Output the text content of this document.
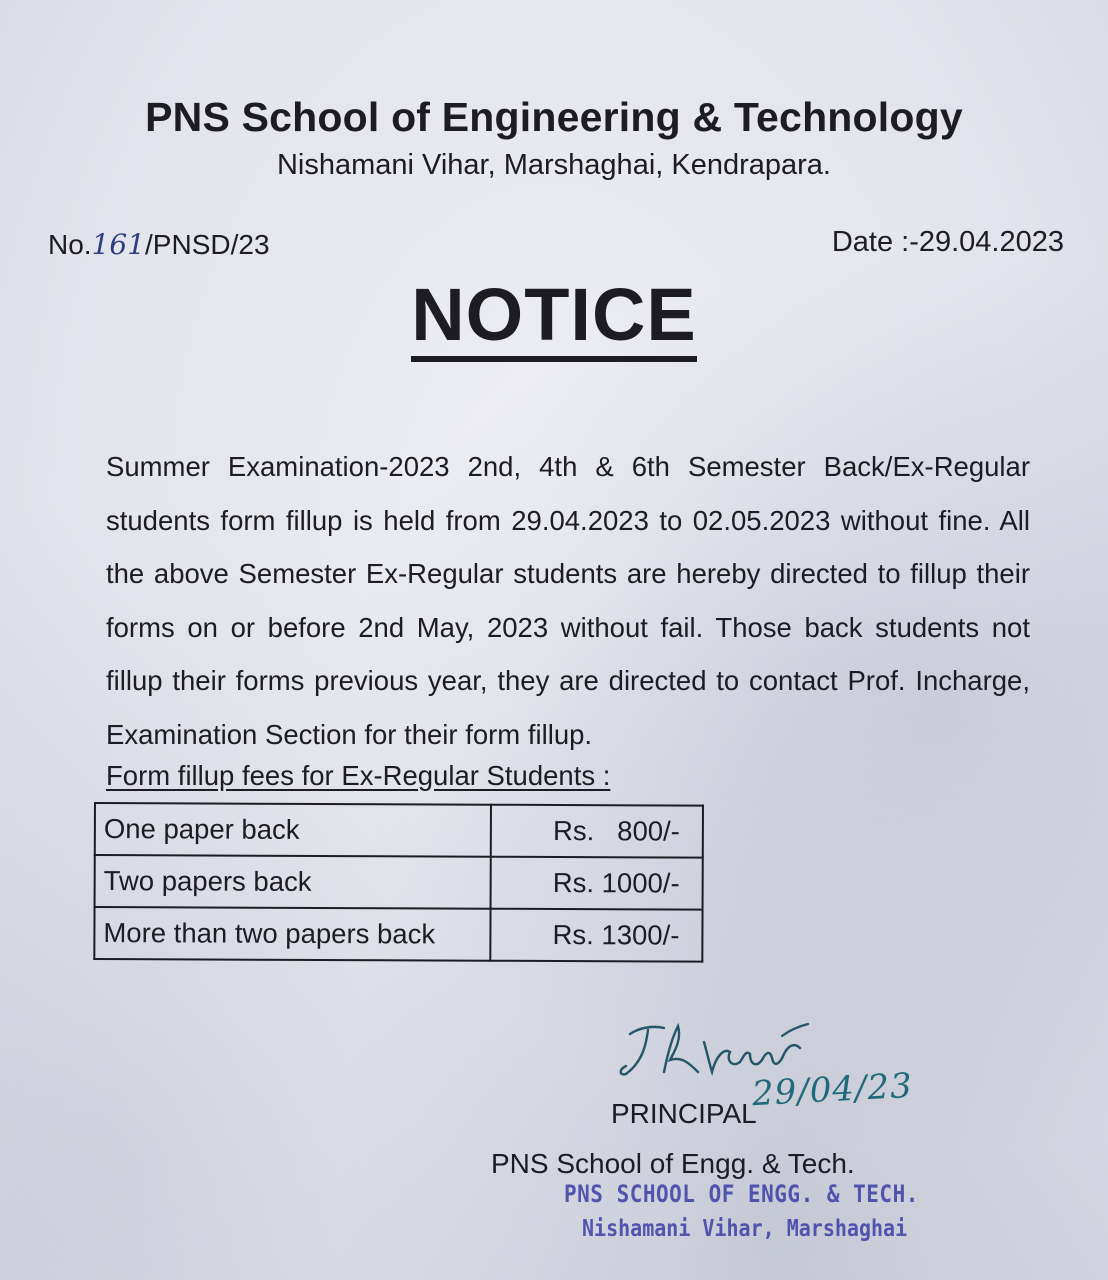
PNS School of Engineering & Technology
Nishamani Vihar, Marshaghai, Kendrapara.
No.161/PNSD/23	Date :-29.04.2023
NOTICE

Summer Examination-2023 2nd, 4th & 6th Semester Back/Ex-Regular students form fillup is held from 29.04.2023 to 02.05.2023 without fine. All the above Semester Ex-Regular students are hereby directed to fillup their forms on or before 2nd May, 2023 without fail. Those back students not fillup their forms previous year, they are directed to contact Prof. Incharge, Examination Section for their form fillup.

Form fillup fees for Ex-Regular Students :
One paper back	Rs.   800/-
Two papers back	Rs. 1000/-
More than two papers back	Rs. 1300/-
29/04/23
PRINCIPAL
PNS School of Engg. & Tech.
PNS SCHOOL OF ENGG. & TECH.
Nishamani Vihar, Marshaghai
